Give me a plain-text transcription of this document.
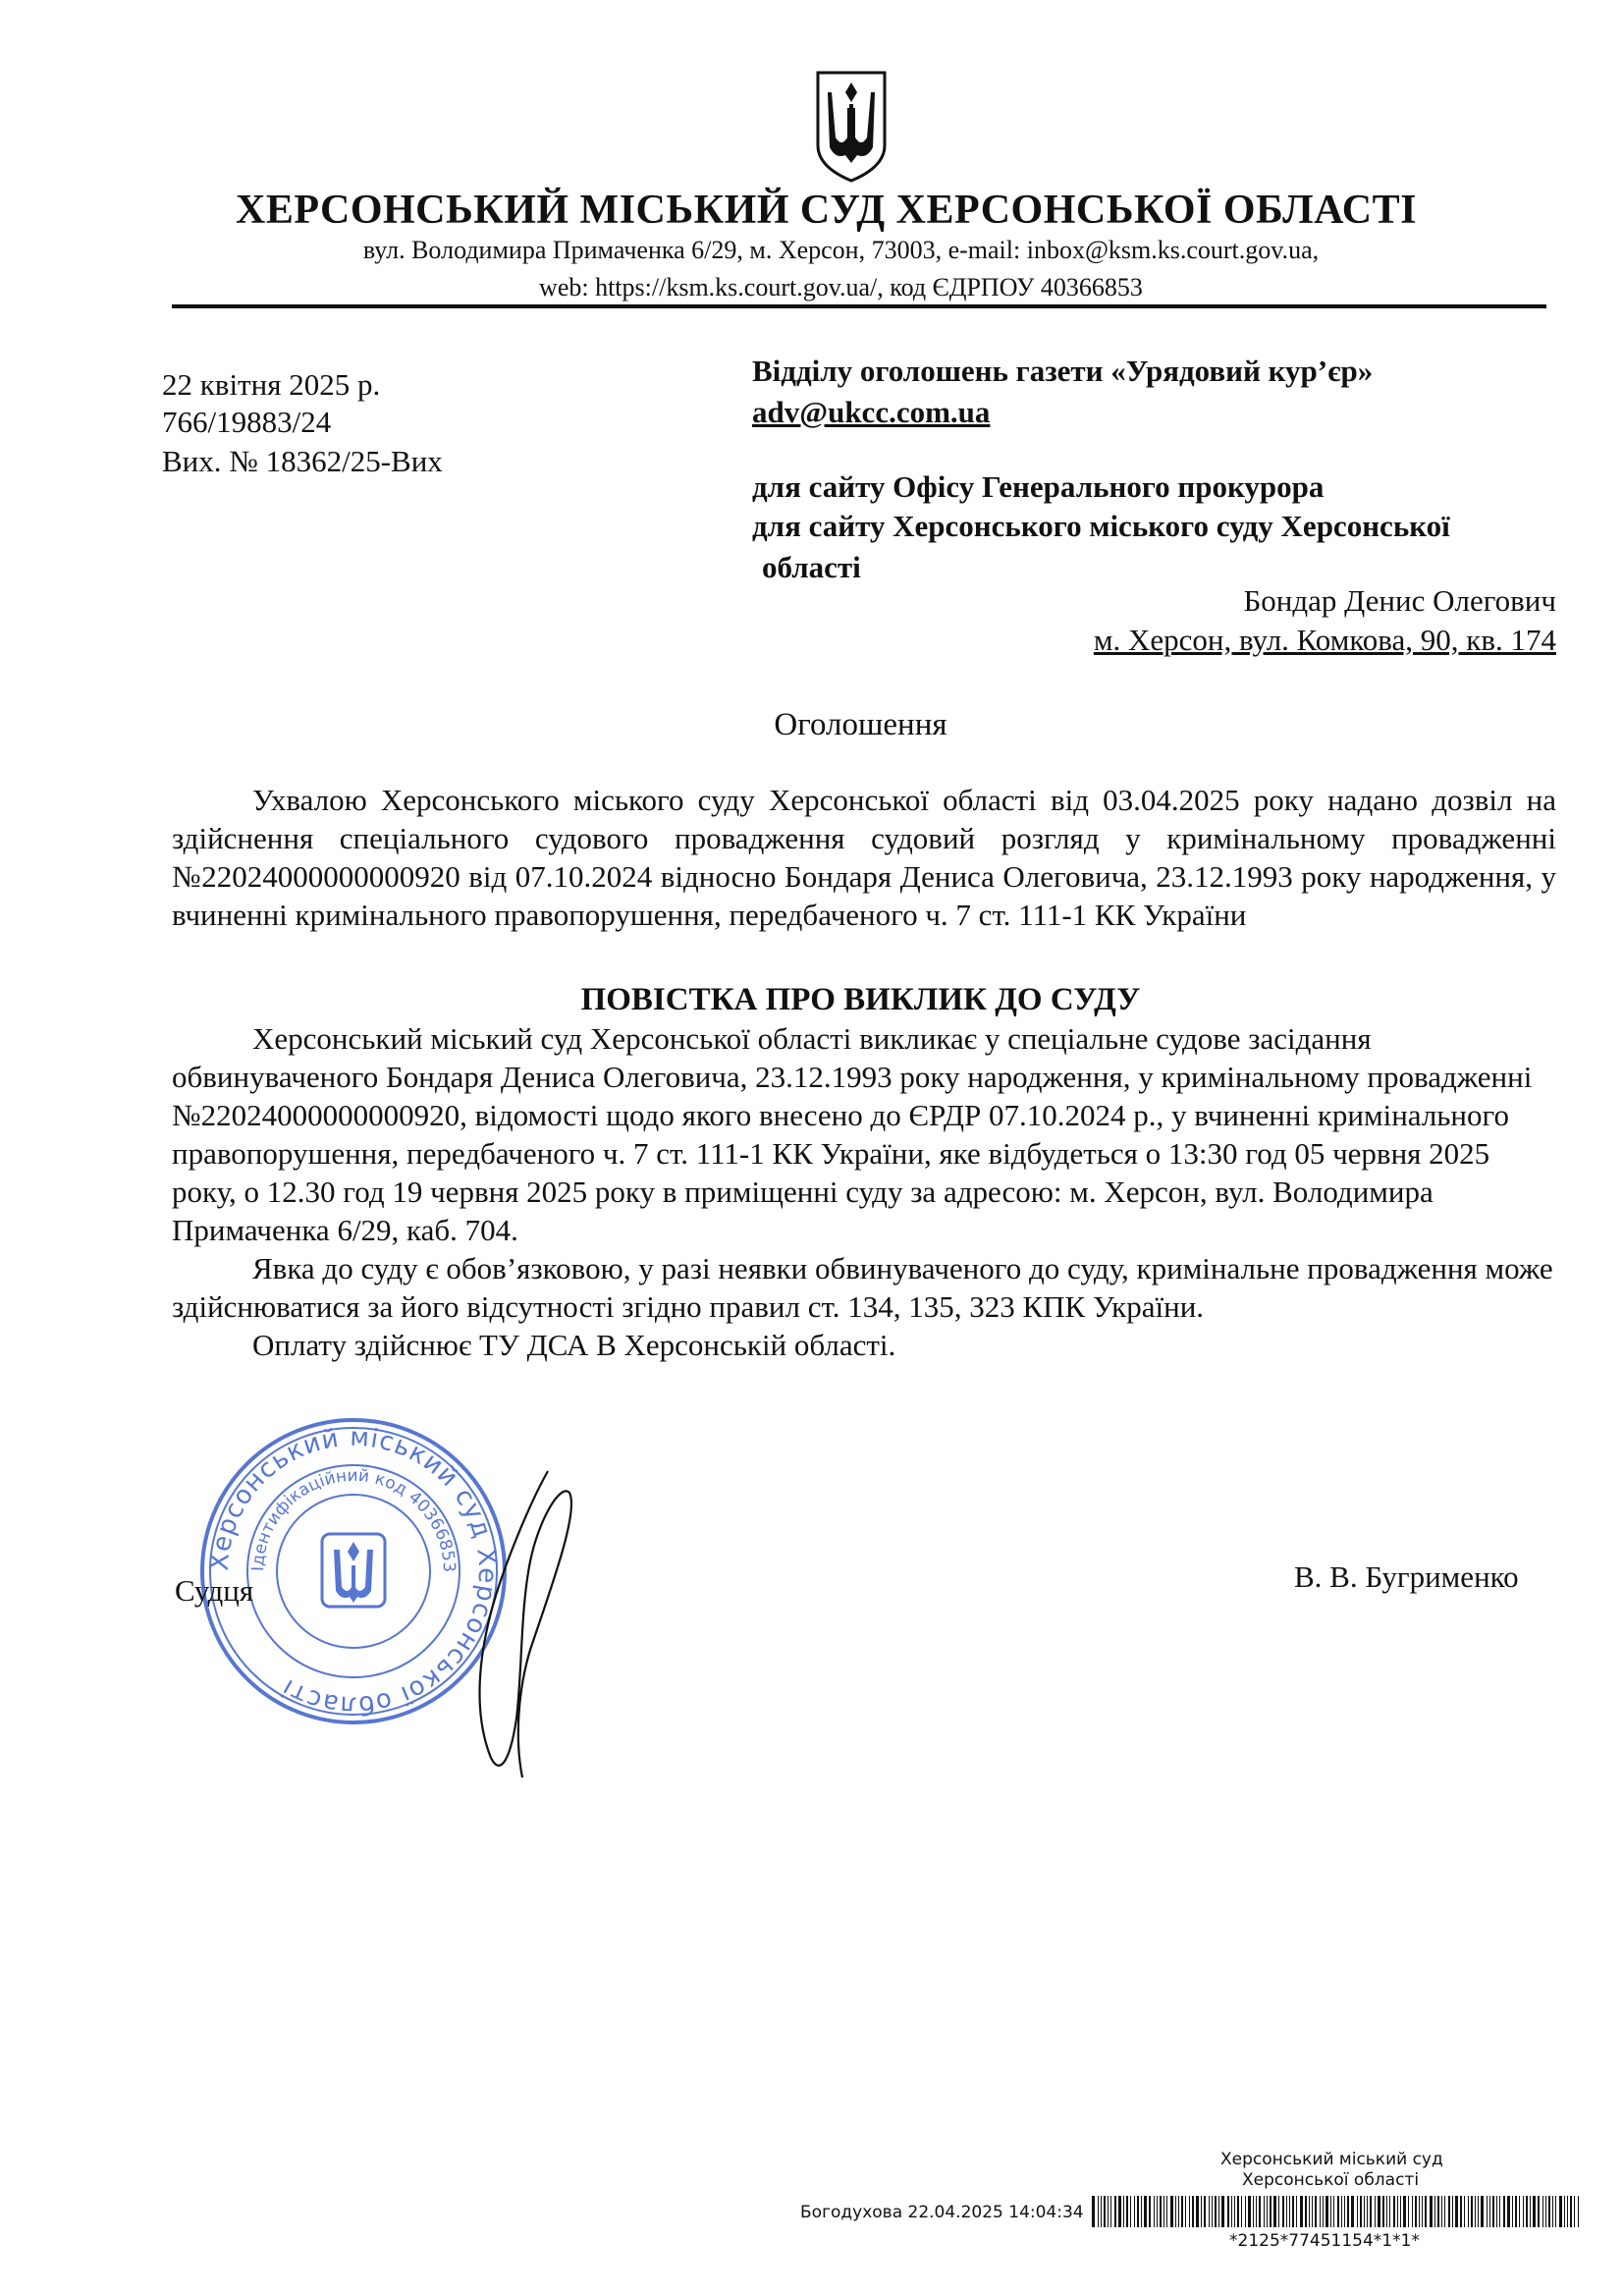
ХЕРСОНСЬКИЙ МІСЬКИЙ СУД ХЕРСОНСЬКОЇ ОБЛАСТІ
вул. Володимира Примаченка 6/29, м. Херсон, 73003, e-mail: inbox@ksm.ks.court.gov.ua,
web: https://ksm.ks.court.gov.ua/, код ЄДРПОУ 40366853
22 квітня 2025 р.
766/19883/24
Вих. № 18362/25-Вих
Відділу оголошень газети «Урядовий кур’єр»
adv@ukcc.com.ua
для сайту Офісу Генерального прокурора
для сайту Херсонського міського суду Херсонської
області
Бондар Денис Олегович
м. Херсон, вул. Комкова, 90, кв. 174
Оголошення

Ухвалою Херсонського міського суду Херсонської області від 03.04.2025 року надано дозвіл на здійснення спеціального судового провадження судовий розгляд у кримінальному провадженні №22024000000000920 від 07.10.2024 відносно Бондаря Дениса Олеговича, 23.12.1993 року народження, у вчиненні кримінального правопорушення, передбаченого ч. 7 ст. 111-1 КК України

ПОВІСТКА ПРО ВИКЛИК ДО СУДУ

Херсонський міський суд Херсонської області викликає у спеціальне судове засідання обвинуваченого Бондаря Дениса Олеговича, 23.12.1993 року народження, у кримінальному провадженні №22024000000000920, відомості щодо якого внесено до ЄРДР 07.10.2024 р., у вчиненні кримінального правопорушення, передбаченого ч. 7 ст. 111-1 КК України, яке відбудеться о 13:30 год 05 червня 2025 року, о 12.30 год 19 червня 2025 року в приміщенні суду за адресою: м. Херсон, вул. Володимира Примаченка 6/29, каб. 704.

Явка до суду є обов’язковою, у разі неявки обвинуваченого до суду, кримінальне провадження може здійснюватися за його відсутності згідно правил ст. 134, 135, 323 КПК України.

Оплату здійснює ТУ ДСА В Херсонській області.

Херсонський міський суд Херсонської області
Ідентифікаційний код 40366853
Судця	В. В. Бугрименко
Херсонський міський суд
Херсонської області
Богодухова 22.04.2025 14:04:34
*2125*77451154*1*1*
